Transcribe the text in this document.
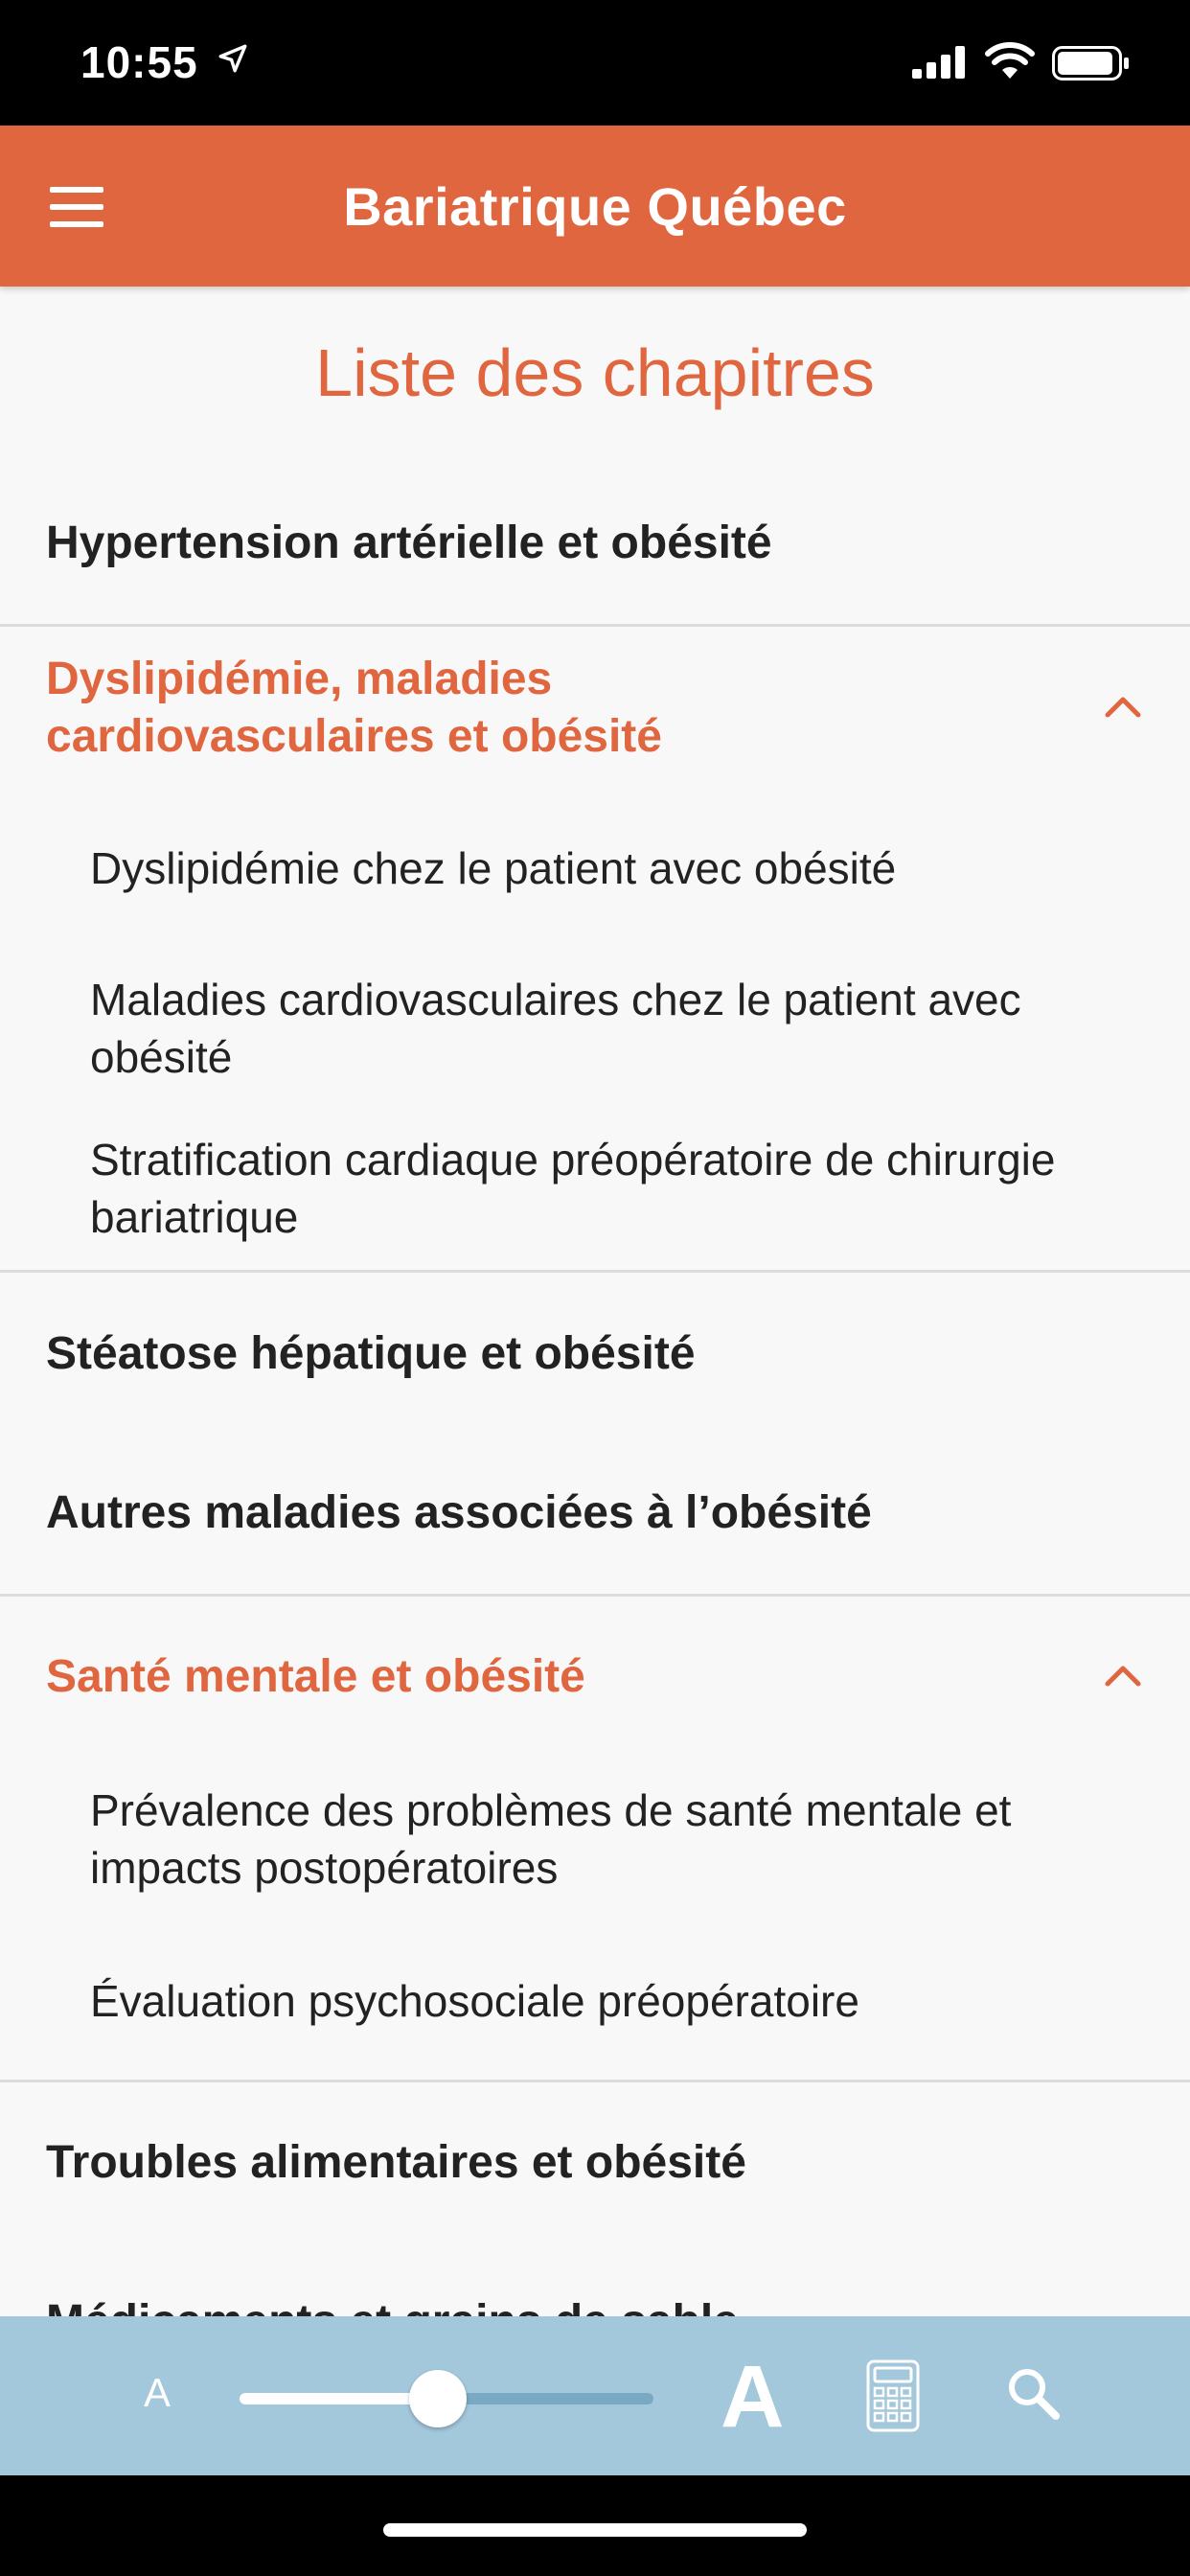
10:55
Bariatrique Québec
Liste des chapitres
Hypertension artérielle et obésité
Dyslipidémie, maladies
cardiovasculaires et obésité
Dyslipidémie chez le patient avec obésité
Maladies cardiovasculaires chez le patient avec
obésité
Stratification cardiaque préopératoire de chirurgie
bariatrique
Stéatose hépatique et obésité
Autres maladies associées à l’obésité
Santé mentale et obésité
Prévalence des problèmes de santé mentale et
impacts postopératoires
Évaluation psychosociale préopératoire
Troubles alimentaires et obésité
A	A
